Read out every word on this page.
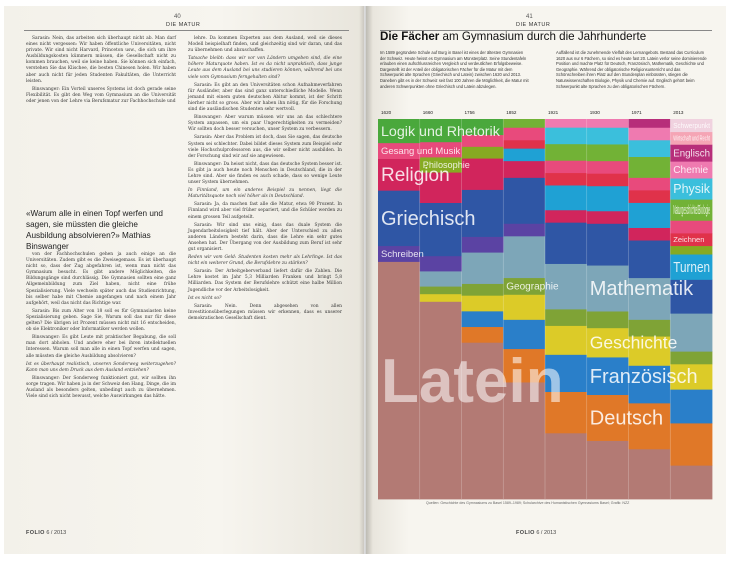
40
DIE MATUR

Sarasin: Nein, das arbeiten sich überhaupt nicht ab. Man darf eines nicht vergessen: Wir haben öffentliche Universitäten, nicht private. Wir sind nicht Harvard, Princeton usw., die sich um ihre Ausbildungskosten kümmern müssen, die Gesellschaft nicht zu kommen brauchen, weil sie keine haben. Sie können sich einfach, verstehen Sie das Klischee, die besten Chinesen holen. Wir haben aber auch nicht für jeden Studenten Fakultäten, die Unterricht leisten.

Binswanger: Ein Vorteil unseres Systems ist doch gerade seine Flexibilität. Es gibt den Weg vom Gymnasium an die Universität oder jenen von der Lehre via Berufsmatur zur Fachhochschule und

«Warum alle in einen Topf werfen und sagen, sie müssten die gleiche Ausbildung absolvieren?» Mathias Binswanger

von der Fachhochschulen gehen ja auch einige an die Universitäten. Zudem gibt es die Zweisegemass. Es ist überhaupt nicht so, dass der Zug abgefahren ist, wenn man nicht das Gymnasium besucht. Es gibt andere Möglichkeiten, die Bildungsgänge sind durchlässig. Die Gymnasien sollten eine ganz Allgemeinbildung zum Ziel haben, nicht eine frühe Spezialisierung. Viele wechseln später auch das Studienrichtung, bis selber habe mit Chemie angefangen und nach einem Jahr aufgehört, weil das nicht das Richtige war.

Sarasin: Bis zum Alter von 18 soll es für Gymnasiasten keine Spezialisierung geben. Sage Sie, Warum soll das nur für diese gelten? Die übrigen ist Prozent müssen nicht mit 16 entscheiden, ob sie Elektroniker oder Informatiker werden wollen.

Binswanger: Es gibt Leute mit praktischer Begabung, die soll man dort abholen. Und andere eher bei ihren intellektuellen Interessen. Warum soll man alle in einen Topf werfen und sagen, alle müssten die gleiche Ausbildung absolvieren?

Ist es überhaupt realistisch, unseren Sonderweg weiterzugehen? Kann man uns dem Druck aus dem Ausland entziehen?

Binswanger: Der Sonderweg funktioniert gut, wir sollten ihn sorge tragen. Wir haben ja in der Schweiz den Hang, Dinge, die im Ausland als besonders gelten, unbedingt auch zu übernehmen. Viele sind sich nicht bewusst, welche Auswirkungen das hätte.

lehre. Da kommen Experten aus dem Ausland, weil sie dieses Modell beispielhaft finden, und gleichzeitig sind wir daran, und das zu übernehmen und abzuschaffen.

Tatsache bleibt: dass wir vor von Ländern umgeben sind, die eine höhere Maturquote haben. Ist es da nicht unpraktisch, dass junge Leute aus dem Ausland bei uns studieren können, während bei uns viele vom Gymnasium ferngehalten sind?

Sarasin: Es gibt an den Universitäten schon Aufnahmeverfahren für Ausländer, aber das sind ganz unterschiedliche Modelle. Wenn jemand mit einem guten deutschen Abitur kommt, ist der Schritt hierher nicht so gross. Aber wir haben ihn nötig, für die Forschung sind die ausländischen Studenten sehr wertvoll.

Binswanger: Aber warum müssen wir uns an das schlechtere System anpassen, um ein paar Ungerechtigkeiten zu vermeiden? Wir sollten doch besser versuchen, unser System zu verbessern.

Sarasin: Aber das Problem ist doch, dass Sie sagen, das deutsche System sei schlechter. Dabei bildet dieses System zum Beispiel sehr viele Hochschulprofessoren aus, die wir selber nicht ausbilden. In der Forschung sind wir auf sie angewiesen.

Binswanger: Da heisst nicht, dass das deutsche System besser ist. Es gibt ja auch heute noch Menschen in Deutschland, die in der Lehre sind. Aber sie finden es auch schade, dass so wenige Leute unser System übernehmen.

In Finnland, um ein anderes Beispiel zu nennen, liegt die Maturitätsquote noch viel höher als in Deutschland.

Sarasin: Ja, da machen fast alle die Matur, etwa 90 Prozent. In Finnland wird aber viel früher separiert, und die Schüler werden zu einem grossen Teil aufgeteilt.

Sarasin: Wir sind uns einig, dass das duale System die Jugendarbeitslosigkeit tief hält. Aber der Unterschied zu allen anderen Ländern besteht darin, dass die Lehre ein sehr gutes Ansehen hat. Der Übergang von der Ausbildung zum Beruf ist sehr gut organisiert.

Reden wir vom Geld: Studenten kosten mehr als Lehrlinge. Ist das nicht ein weiterer Grund, die Berufslehre zu stärken?

Sarasin: Der Arbeitgeberverband liefert dafür die Zahlen. Die Lehre kostet im Jahr 5,3 Milliarden Franken und bringt 5,8 Milliarden. Das System der Berufslehre schützt eine halbe Million Jugendliche vor der Arbeitslosigkeit.

Ist es nicht so?

Sarasin: Nein. Denn abgesehen von allen Investitionsüberlegungen müssen wir erkennen, dass es unserer demokratischen Gesellschaft dient.

FOLIO 6 / 2013
41
DIE MATUR
Die Fächer am Gymnasium durch die Jahrhunderte
Im 1589 gegründete Schule auf Burg in Basel ist eines der ältesten Gymnasien der Schweiz. Heute heisst es Gymnasium am Münsterplatz. Seine Stundentafeln erlauben einen aufschlussreichen Vergleich und verdeutlichen Erfolgsbeweise. Dargestellt ist der Anteil der obligatorischen Fächer für die Matur mit dem Schwerpunkt alte Sprachen (Griechisch und Latein) zwischen 1620 und 2013. Daneben gibt es in der Schweiz seit fast 100 Jahren die Möglichkeit, die Matur mit anderen Schwerpunkten ohne Griechisch und Latein abzulegen.
Auffallend ist die zunehmende Vielfalt des Lernangebots. Bestand das Curriculum 1620 aus nur 6 Fächern, so sind es heute fast 20. Latein verlor seine dominierende Position und machte Platz für Deutsch, Französisch, Mathematik, Geschichte und Geographie. Während der obligatorische Religionsunterricht und das Schönschreiben ihren Platz auf den Stundenplan einbüssten, stiegen die Naturwissenschaften Biologie, Physik und Chemie auf. Englisch gehört beim Schwerpunkt alte Sprachen zu den obligatorischen Fächern.
1620	1660	1756	1852	1921	1930	1971	2013
Latein
Deutsch
Französisch
Geschichte
Geographie Mathematik
Schreiben
Griechisch
Religion
Turnen
Philosophie
Zeichnen
Gesang und Musik
Logik und Rhetorik
Naturgeschichte/Biologie
Physik
Chemie
Englisch
Wirtschaft und Recht
Schwerpunkt
Quellen: Geschichte des Gymnasiums zu Basel 1589–1989; Schularchive des Humanistischen Gymnasiums Basel; Grafik: NZZ
FOLIO 6 / 2013
